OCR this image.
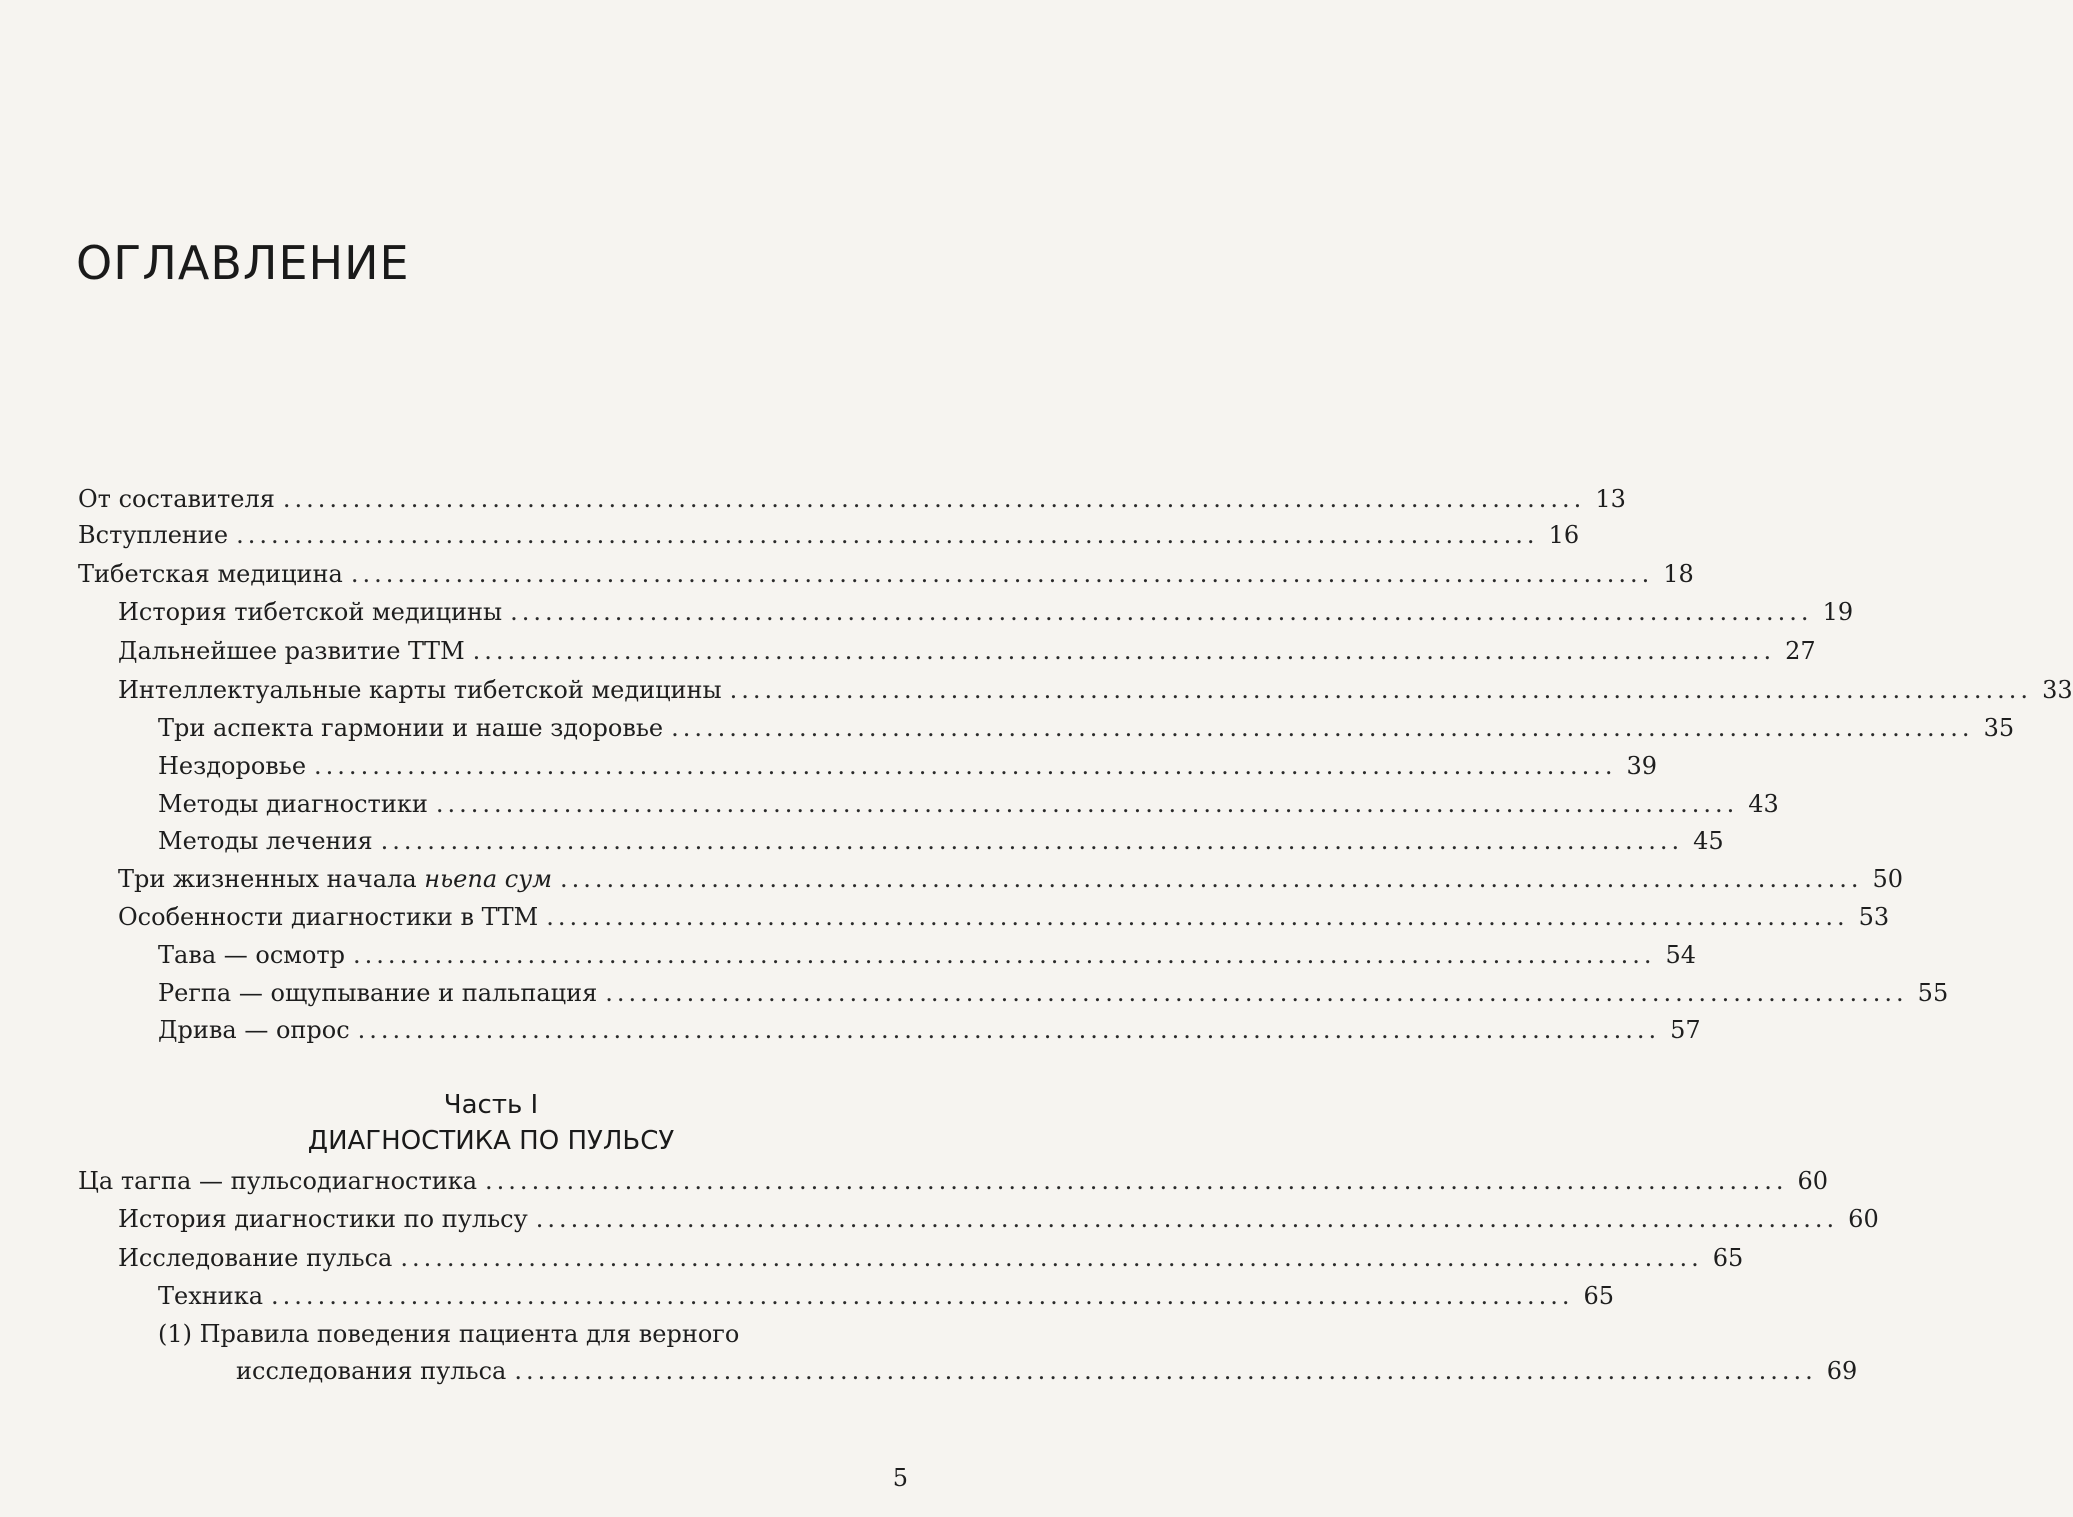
ОГЛАВЛЕНИЕ
От составителя ................................................................................................................ 13
Вступление ................................................................................................................ 16
Тибетская медицина ................................................................................................................ 18
История тибетской медицины ................................................................................................................ 19
Дальнейшее развитие ТТМ ................................................................................................................ 27
Интеллектуальные карты тибетской медицины ................................................................................................................ 33
Три аспекта гармонии и наше здоровье ................................................................................................................ 35
Нездоровье ................................................................................................................ 39
Методы диагностики ................................................................................................................ 43
Методы лечения ................................................................................................................ 45
Три жизненных начала ньепа сум ................................................................................................................ 50
Особенности диагностики в ТТМ ................................................................................................................ 53
Тава — осмотр ................................................................................................................ 54
Регпа — ощупывание и пальпация ................................................................................................................ 55
Дрива — опрос ................................................................................................................ 57
Часть I
ДИАГНОСТИКА ПО ПУЛЬСУ
Ца тагпа — пульсодиагностика ................................................................................................................ 60
История диагностики по пульсу ................................................................................................................ 60
Исследование пульса ................................................................................................................ 65
Техника ................................................................................................................ 65
(1) Правила поведения пациента для верного
исследования пульса ................................................................................................................ 69
5
